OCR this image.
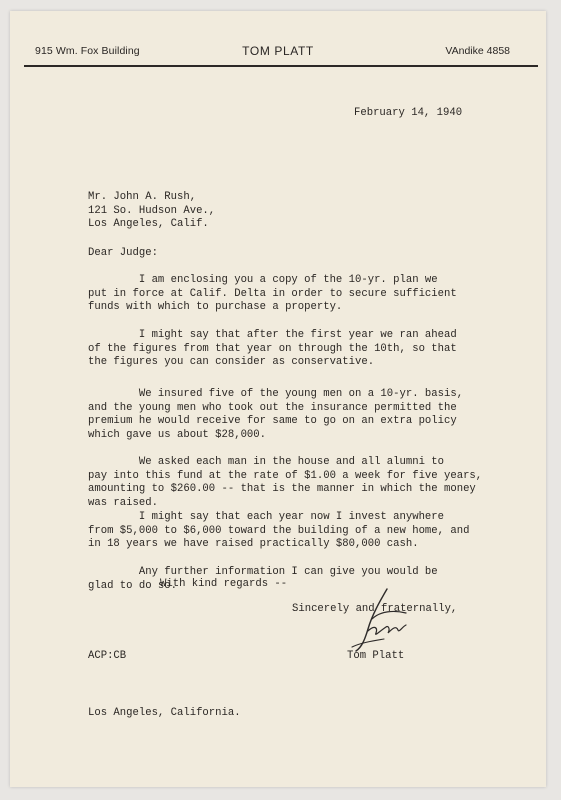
915 Wm. Fox Building	TOM PLATT	VAndike 4858
February 14, 1940
Mr. John A. Rush,
121 So. Hudson Ave.,
Los Angeles, Calif.
Dear Judge:
I am enclosing you a copy of the 10-yr. plan we
put in force at Calif. Delta in order to secure sufficient
funds with which to purchase a property.
I might say that after the first year we ran ahead
of the figures from that year on through the 10th, so that
the figures you can consider as conservative.
We insured five of the young men on a 10-yr. basis,
and the young men who took out the insurance permitted the
premium he would receive for same to go on an extra policy
which gave us about $28,000.
We asked each man in the house and all alumni to
pay into this fund at the rate of $1.00 a week for five years,
amounting to $260.00 -- that is the manner in which the money
was raised.
I might say that each year now I invest anywhere
from $5,000 to $6,000 toward the building of a new home, and
in 18 years we have raised practically $80,000 cash.
Any further information I can give you would be
glad to do so.
With kind regards --
Sincerely and fraternally,
Tom Platt
ACP:CB
Los Angeles, California.
